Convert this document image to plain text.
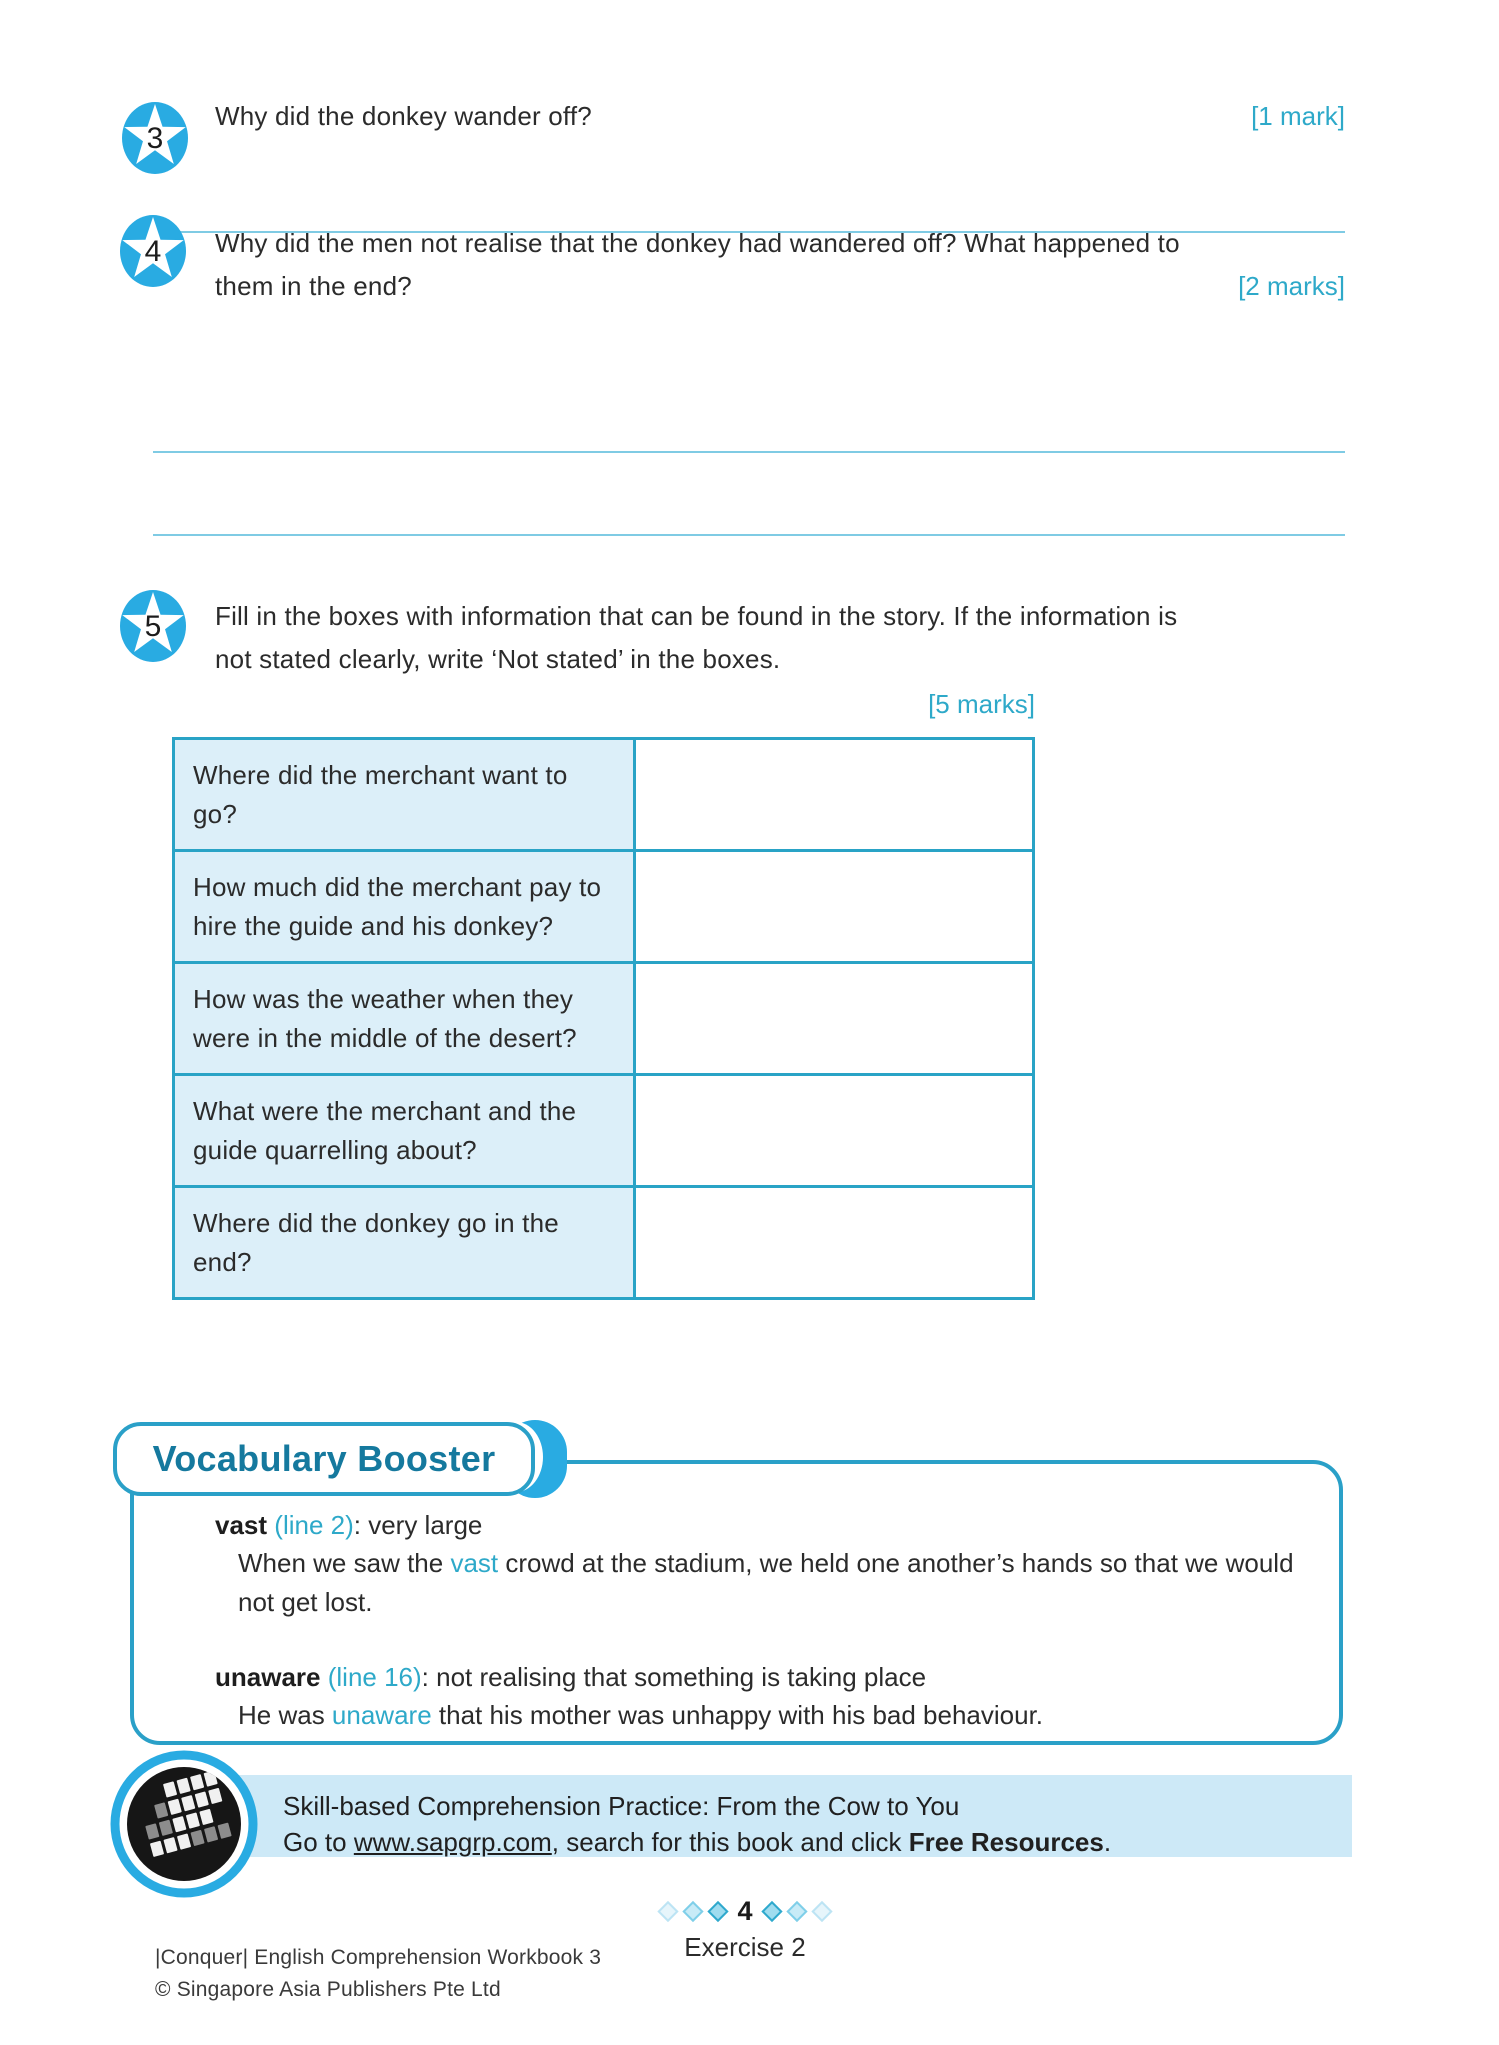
3
Why did the donkey wander off?	[1 mark]
4	Why did the men not realise that the donkey had wandered off? What happened to them in the end?	[2 marks]
5	Fill in the boxes with information that can be found in the story. If the information is not stated clearly, write ‘Not stated’ in the boxes.
[5 marks]
Where did the merchant want to go?	
How much did the merchant pay to hire the guide and his donkey?	
How was the weather when they were in the middle of the desert?	
What were the merchant and the guide quarrelling about?	
Where did the donkey go in the end?	
Vocabulary Booster
vast (line 2): very large
When we saw the vast crowd at the stadium, we held one another’s hands so that we would not get lost.
unaware (line 16): not realising that something is taking place
He was unaware that his mother was unhappy with his bad behaviour.
Skill-based Comprehension Practice: From the Cow to You
Go to www.sapgrp.com, search for this book and click Free Resources.
4
Exercise 2
|Conquer| English Comprehension Workbook 3
© Singapore Asia Publishers Pte Ltd
